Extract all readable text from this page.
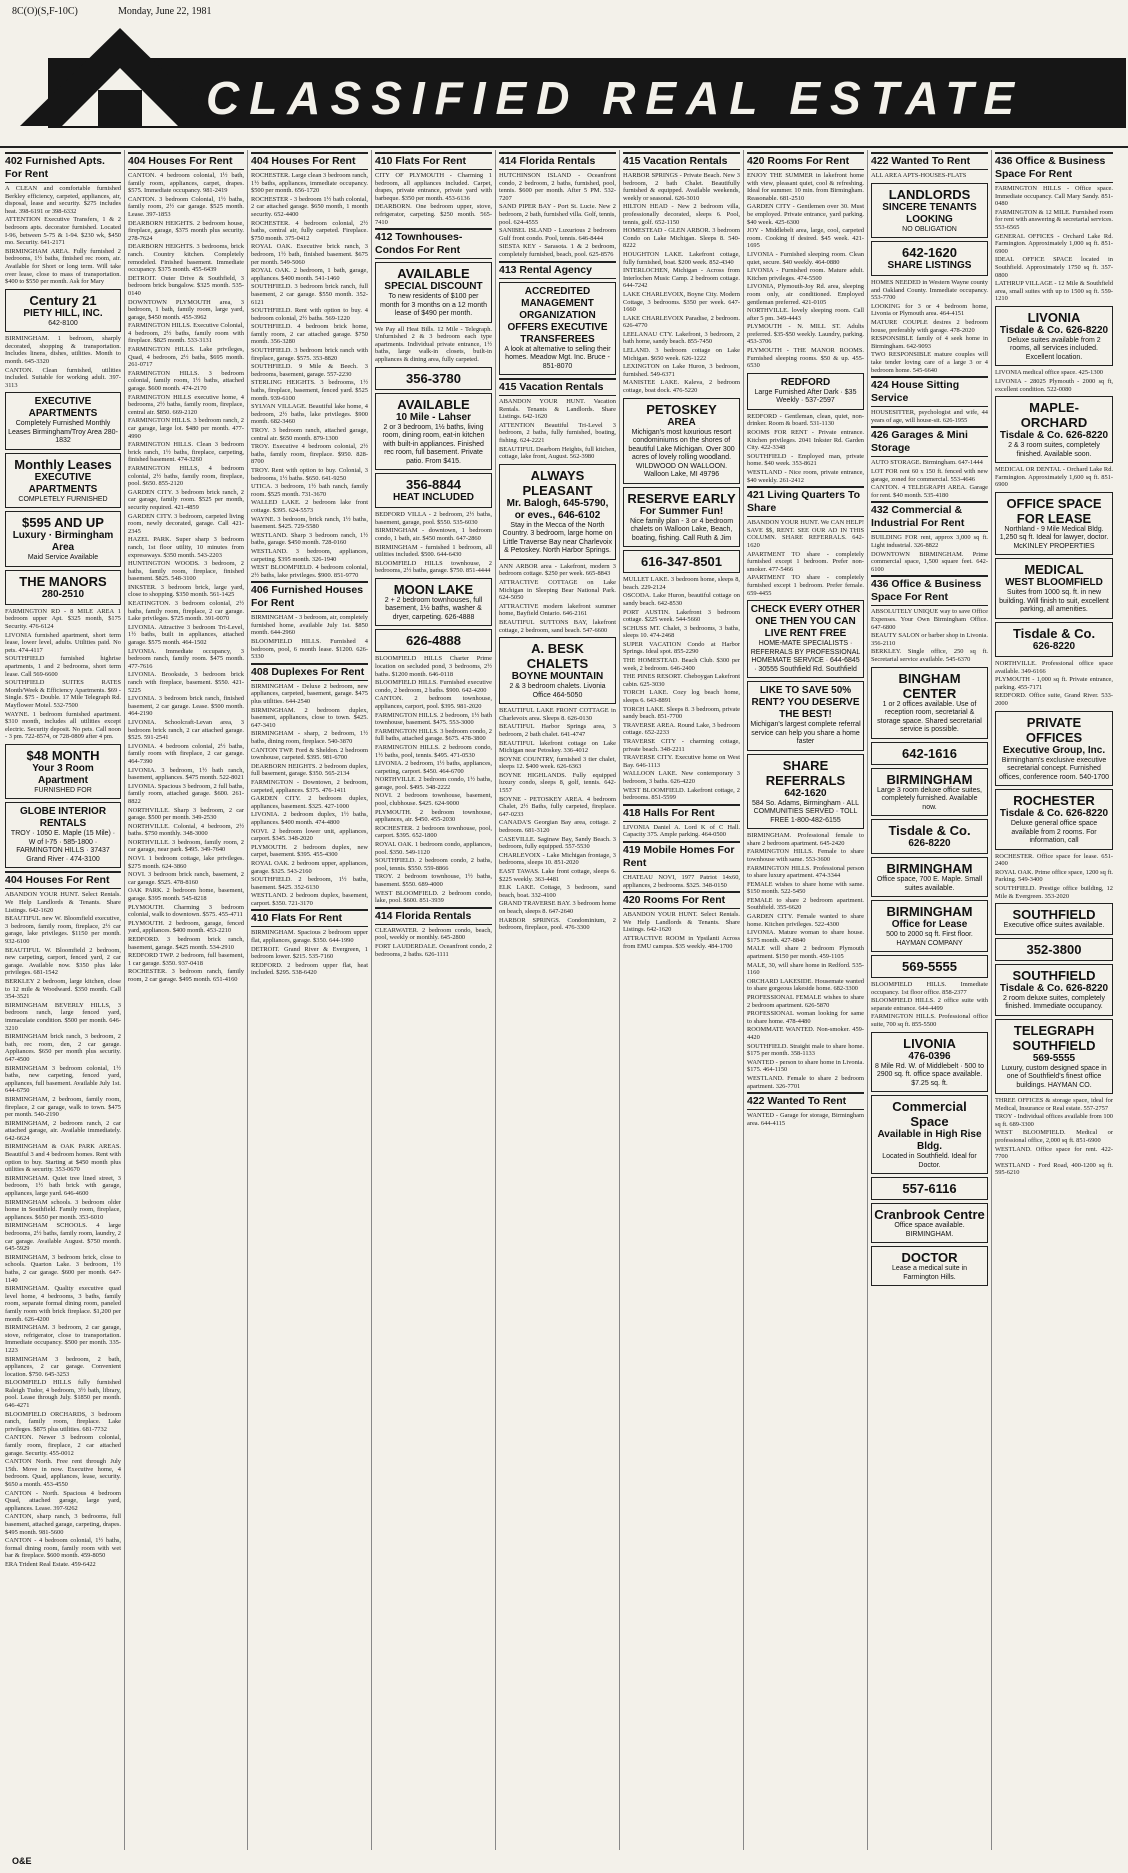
8C(O)(S,F-10C)	Monday, June 22, 1981
CLASSIFIED REAL ESTATE
402 Furnished Apts. For Rent
A CLEAN and comfortable furnished Berkley efficiency, carpeted, appliances, air, disposal, lease and security. $275 includes heat. 398-6191 or 398-6332
ATTENTION Executive Transfers, 1 & 2 bedroom apts. decorator furnished. Located I-96, between 5-75 & 1-94. $230 wk, $450 mo. Security. 641-2171
BIRMINGHAM AREA. Fully furnished 2 bedrooms, 1½ baths, finished rec room, air. Available for Short or long term. Will take over lease, close to mass of transportation. $400 to $550 per month. Ask for Mary
Century 21
PIETY HILL, INC.
642-8100
BIRMINGHAM. 1 bedroom, sharply decorated, shopping & transportation. Includes linens, dishes, utilities. Month to month. 645-3320
CANTON. Clean furnished, utilities included. Suitable for working adult. 397-3113
EXECUTIVE APARTMENTS
Completely Furnished Monthly Leases Birmingham/Troy Area 280-1832
Monthly Leases
EXECUTIVE APARTMENTS
COMPLETELY FURNISHED
$595 AND UP
Luxury · Birmingham Area
Maid Service Available
THE MANORS
280-2510
FARMINGTON RD - 8 MILE AREA 1 bedroom upper Apt. $325 month, $175 Security. 476-6124
LIVONIA furnished apartment, short term lease, lower level, adults. Utilities paid. No pets. 474-4117
SOUTHFIELD furnished highrise apartments, 1 and 2 bedrooms, short term lease. Call 569-6600
SOUTHFIELD SUITES RATES Month/Week & Efficiency Apartments. $69 - Single. $75 - Double. 17 Mile Telegraph Rd. Mayflower Motel. 532-7500
WAYNE. 1 bedroom furnished apartment. $310 month, includes all utilities except electric. Security deposit. No pets. Call noon - 3 pm. 722-8574, or 728-0809 after 4 pm.
$48 MONTH
Your 3 Room Apartment
FURNISHED FOR
GLOBE INTERIOR RENTALS
TROY · 1050 E. Maple (15 Mile) · W of I-75 · 585-1800 · FARMINGTON HILLS · 37437 Grand River · 474-3100
404 Houses For Rent
ABANDON YOUR HUNT. Select Rentals. We Help Landlords & Tenants. Share Listings. 642-1620
BEAUTIFUL new W. Bloomfield executive, 3 bedroom, family room, fireplace, 2½ car garage, lake privileges. $1150 per month. 932-6100
BEAUTIFUL W. Bloomfield 2 bedroom, new carpeting, carport, fenced yard, 2 car garage. Available now. $350 plus lake privileges. 681-1542
BERKLEY 2 bedroom, large kitchen, close to 12 mile & Woodward. $350 month. Call 354-3521
BIRMINGHAM BEVERLY HILLS, 3 bedroom ranch, large fenced yard, immaculate condition. $500 per month. 646-3210
BIRMINGHAM brick ranch, 3 bedroom, 2 bath, rec room, den, 2 car garage. Appliances. $650 per month plus security. 647-4500
BIRMINGHAM 3 bedroom colonial, 1½ baths, new carpeting, fenced yard, appliances, full basement. Available July 1st. 644-6750
BIRMINGHAM, 2 bedroom, family room, fireplace, 2 car garage, walk to town. $475 per month. 540-2190
BIRMINGHAM, 2 bedroom ranch, 2 car attached garage, air. Available immediately. 642-6624
BIRMINGHAM & OAK PARK AREAS. Beautiful 3 and 4 bedroom homes. Rent with option to buy. Starting at $450 month plus utilities & security. 353-0670
BIRMINGHAM. Quiet tree lined street, 3 bedroom, 1½ bath brick with garage, appliances, large yard. 646-4600
BIRMINGHAM schools. 3 bedroom older home in Southfield. Family room, fireplace, appliances. $650 per month. 353-6010
BIRMINGHAM SCHOOLS. 4 large bedrooms, 2½ baths, family room, laundry, 2 car garage. Available August. $750 month. 645-5929
BIRMINGHAM, 3 bedroom brick, close to schools. Quarton Lake. 3 bedroom, 1½ baths, 2 car garage. $600 per month. 647-1140
BIRMINGHAM. Quality executive quad level home, 4 bedrooms, 3 baths, family room, separate formal dining room, paneled family room with brick fireplace. $1,200 per month. 626-4200
BIRMINGHAM. 3 bedroom, 2 car garage, stove, refrigerator, close to transportation. Immediate occupancy. $500 per month. 335-1223
BIRMINGHAM 3 bedroom, 2 bath, appliances, 2 car garage. Convenient location. $750. 645-3253
BLOOMFIELD HILLS fully furnished Raleigh Tudor, 4 bedroom, 3½ bath, library, pool. Lease through July. $1850 per month. 646-4271
BLOOMFIELD ORCHARDS, 3 bedroom ranch, family room, fireplace. Lake privileges. $875 plus utilities. 681-7732
CANTON. Newer 3 bedroom colonial, family room, fireplace, 2 car attached garage. Security. 455-0012
CANTON North. Free rent through July 15th. Move in now. Executive home, 4 bedroom. Quad, appliances, lease, security. $650 a month. 453-4550
CANTON - North. Spacious 4 bedroom Quad, attached garage, large yard, appliances. Lease. 397-9262
CANTON, sharp ranch, 3 bedrooms, full basement, attached garage, carpeting, drapes. $495 month. 981-5600
CANTON - 4 bedroom colonial, 1½ baths, formal dining room, family room with wet bar & fireplace. $600 month. 459-8050
ERA Trident Real Estate. 459-6422
404 Houses For Rent
CANTON. 4 bedroom colonial, 1½ bath, family room, appliances, carpet, drapes. $575. Immediate occupancy. 981-2419
CANTON. 3 bedroom Colonial, 1½ baths, family room, 2½ car garage. $525 month. Lease. 397-1853
DEARBORN HEIGHTS. 2 bedroom house, fireplace, garage, $375 month plus security. 278-7624
DEARBORN HEIGHTS. 3 bedrooms, brick ranch. Country kitchen. Completely remodeled. Finished basement. Immediate occupancy. $375 month. 455-6439
DETROIT. Outer Drive & Southfield, 3 bedroom brick bungalow. $325 month. 535-0140
DOWNTOWN PLYMOUTH area, 3 bedroom, 1 bath, family room, large yard, garage, $450 month. 455-3962
FARMINGTON HILLS. Executive Colonial, 4 bedroom, 2½ baths, family room with fireplace. $825 month. 533-3131
FARMINGTON HILLS. Lake privileges, Quad, 4 bedroom, 2½ baths, $695 month. 261-0717
FARMINGTON HILLS. 3 bedroom colonial, family room, 1½ baths, attached garage. $600 month. 474-2170
FARMINGTON HILLS executive home, 4 bedrooms, 2½ baths, family room, fireplace, central air. $850. 669-2120
FARMINGTON HILLS. 3 bedroom ranch, 2 car garage, large lot. $480 per month. 477-4990
FARMINGTON HILLS. Clean 3 bedroom brick ranch, 1½ baths, fireplace, carpeting, finished basement. 474-3260
FARMINGTON HILLS, 4 bedroom colonial, 2½ baths, family room, fireplace, pool. $650. 855-2120
GARDEN CITY. 3 bedroom brick ranch, 2 car garage, family room. $525 per month, security required. 421-4859
GARDEN CITY. 3 bedroom, carpeted living room, newly decorated, garage. Call 421-2345
HAZEL PARK. Super sharp 3 bedroom ranch, 1st floor utility, 10 minutes from expressways. $350 month. 543-2203
HUNTINGTON WOODS. 3 bedroom, 2 baths, family room, fireplace, finished basement. $825. 548-3100
INKSTER. 3 bedroom brick, large yard, close to shopping. $350 month. 561-1425
KEATINGTON. 3 bedroom colonial, 2½ baths, family room, fireplace, 2 car garage. Lake privileges. $725 month. 391-0070
LIVONIA. Attractive 3 bedroom Tri-Level, 1½ baths, built in appliances, attached garage. $575 month. 464-1502
LIVONIA. Immediate occupancy, 3 bedroom ranch, family room. $475 month. 477-7616
LIVONIA. Brookside, 3 bedroom brick ranch with fireplace, basement. $550. 421-5225
LIVONIA. 3 bedroom brick ranch, finished basement, 2 car garage. Lease. $500 month. 464-2190
LIVONIA. Schoolcraft-Levan area, 3 bedroom brick ranch, 2 car attached garage. $525. 591-2541
LIVONIA. 4 bedroom colonial, 2½ baths, family room with fireplace, 2 car garage. 464-7390
LIVONIA. 3 bedroom, 1½ bath ranch, basement, appliances. $475 month. 522-8021
LIVONIA. Spacious 3 bedroom, 2 full baths, family room, attached garage. $600. 261-8822
NORTHVILLE. Sharp 3 bedroom, 2 car garage. $500 per month. 349-2530
NORTHVILLE. Colonial, 4 bedroom, 2½ baths. $750 monthly. 348-3000
NORTHVILLE. 3 bedroom, family room, 2 car garage, near park. $495. 349-7640
NOVI. 1 bedroom cottage, lake privileges. $275 month. 624-3860
NOVI. 3 bedroom brick ranch, basement, 2 car garage. $525. 478-8160
OAK PARK. 2 bedroom home, basement, garage. $395 month. 545-8218
PLYMOUTH. Charming 3 bedroom colonial, walk to downtown. $575. 455-4711
PLYMOUTH. 2 bedroom, garage, fenced yard, appliances. $400 month. 453-2210
REDFORD. 3 bedroom brick ranch, basement, garage. $425 month. 534-2910
REDFORD TWP. 2 bedroom, full basement, 1 car garage. $350. 937-0418
ROCHESTER. 3 bedroom ranch, family room, 2 car garage. $495 month. 651-4160
404 Houses For Rent
ROCHESTER. Large clean 3 bedroom ranch, 1½ baths, appliances, immediate occupancy. $500 per month. 656-1720
ROCHESTER - 3 bedroom 1½ bath colonial, 2 car attached garage. $650 month, 1 month security. 652-4400
ROCHESTER. 4 bedroom colonial, 2½ baths, central air, fully carpeted. Fireplace. $750 month. 375-0412
ROYAL OAK. Executive brick ranch, 3 bedroom, 1½ bath, finished basement. $675 per month. 549-5060
ROYAL OAK. 2 bedroom, 1 bath, garage, appliances. $400 month. 541-1460
SOUTHFIELD. 3 bedroom brick ranch, full basement, 2 car garage. $550 month. 352-6121
SOUTHFIELD. Rent with option to buy. 4 bedroom colonial, 2½ baths. 569-1220
SOUTHFIELD. 4 bedroom brick home, family room, 2 car attached garage. $750 month. 356-3280
SOUTHFIELD. 3 bedroom brick ranch with fireplace, garage. $575. 353-8820
SOUTHFIELD. 9 Mile & Beech. 3 bedrooms, basement, garage. 557-2230
STERLING HEIGHTS. 3 bedrooms, 1½ baths, fireplace, basement, fenced yard. $525 month. 939-6100
SYLVAN VILLAGE. Beautiful lake home, 4 bedroom, 2½ baths, lake privileges. $900 month. 682-3460
TROY. 3 bedroom ranch, attached garage, central air. $650 month. 879-1300
TROY. Executive 4 bedroom colonial, 2½ baths, family room, fireplace. $950. 828-8700
TROY. Rent with option to buy. Colonial, 3 bedrooms, 1½ baths. $650. 641-9250
UTICA. 3 bedroom, 1½ bath ranch, family room. $525 month. 731-3670
WALLED LAKE. 2 bedroom lake front cottage. $395. 624-5573
WAYNE. 3 bedroom, brick ranch, 1½ baths, basement. $425. 729-5580
WESTLAND. Sharp 3 bedroom ranch, 1½ baths, garage. $450 month. 728-0160
WESTLAND. 3 bedroom, appliances, carpeting. $395 month. 326-1940
WEST BLOOMFIELD. 4 bedroom colonial, 2½ baths, lake privileges. $900. 851-9770
406 Furnished Houses For Rent
BIRMINGHAM - 3 bedroom, air, completely furnished home, available July 1st. $850 month. 644-2960
BLOOMFIELD HILLS. Furnished 4 bedroom, pool, 6 month lease. $1200. 626-5330
408 Duplexes For Rent
BIRMINGHAM - Deluxe 2 bedroom, new appliances, carpeted, basement, garage. $475 plus utilities. 644-2540
BIRMINGHAM. 2 bedroom duplex, basement, appliances, close to town. $425. 647-3410
BIRMINGHAM - sharp, 2 bedroom, 1½ baths, dining room, fireplace. 540-3870
CANTON TWP. Ford & Sheldon. 2 bedroom townhouse, carpeted. $395. 981-6700
DEARBORN HEIGHTS. 2 bedroom duplex, full basement, garage. $350. 565-2134
FARMINGTON - Downtown, 2 bedroom, carpeted, appliances. $375. 476-1411
GARDEN CITY. 2 bedroom duplex, appliances, basement. $325. 427-1000
LIVONIA. 2 bedroom duplex, 1½ baths, appliances. $400 month. 474-4800
NOVI. 2 bedroom lower unit, appliances, carport. $345. 348-2020
PLYMOUTH. 2 bedroom duplex, new carpet, basement. $395. 455-4300
ROYAL OAK. 2 bedroom upper, appliances, garage. $325. 543-2160
SOUTHFIELD. 2 bedroom, 1½ baths, basement. $425. 352-6130
WESTLAND. 2 bedroom duplex, basement, carport. $350. 721-3170
410 Flats For Rent
BIRMINGHAM. Spacious 2 bedroom upper flat, appliances, garage. $350. 644-1990
DETROIT. Grand River & Evergreen, 1 bedroom lower. $215. 535-7160
REDFORD. 2 bedroom upper flat, heat included. $295. 538-6420
410 Flats For Rent
CITY OF PLYMOUTH - Charming 1 bedroom, all appliances included. Carpet, drapes, private entrance, private yard with barbeque. $350 per month. 453-6136
DEARBORN. One bedroom upper, stove, refrigerator, carpeting. $250 month. 565-7410
412 Townhouses-Condos For Rent
AVAILABLE
SPECIAL DISCOUNT
To new residents of $100 per month for 3 months on a 12 month lease of $490 per month.
We Pay all Heat Bills. 12 Mile - Telegraph. Unfurnished 2 & 3 bedroom each type apartments. Individual private entrance, 1½ baths, large walk-in closets, built-in appliances & dining area, fully carpeted.
356-3780
AVAILABLE
10 Mile - Lahser
2 or 3 bedroom, 1½ baths, living room, dining room, eat-in kitchen with built-in appliances. Finished rec room, full basement. Private patio. From $415.
356-8844
HEAT INCLUDED
BEDFORD VILLA - 2 bedroom, 2½ baths, basement, garage, pool. $550. 535-6030
BIRMINGHAM - downtown, 1 bedroom condo, 1 bath, air. $450 month. 647-2860
BIRMINGHAM - furnished 1 bedroom, all utilities included. $500. 644-6430
BLOOMFIELD HILLS townhouse, 2 bedrooms, 2½ baths, garage. $750. 851-4444
MOON LAKE
2 + 2 bedroom townhouses, full basement, 1½ baths, washer & dryer, carpeting. 626-4888
626-4888
BLOOMFIELD HILLS Charter Prime location on secluded pond, 3 bedrooms, 2½ baths. $1200 month. 646-0118
BLOOMFIELD HILLS. Furnished executive condo, 2 bedroom, 2 baths. $900. 642-4200
CANTON. 2 bedroom townhouse, appliances, carport, pool. $395. 981-2020
FARMINGTON HILLS. 2 bedroom, 1½ bath townhouse, basement. $475. 553-3000
FARMINGTON HILLS. 3 bedroom condo, 2 full baths, attached garage. $675. 478-3800
FARMINGTON HILLS. 2 bedroom condo, 1½ baths, pool, tennis. $495. 471-0530
LIVONIA. 2 bedroom, 1½ baths, appliances, carpeting, carport. $450. 464-6700
NORTHVILLE. 2 bedroom condo, 1½ baths, garage, pool. $495. 348-2222
NOVI. 2 bedroom townhouse, basement, pool, clubhouse. $425. 624-9000
PLYMOUTH. 2 bedroom townhouse, appliances, air. $450. 455-2030
ROCHESTER. 2 bedroom townhouse, pool, carport. $395. 652-1800
ROYAL OAK. 1 bedroom condo, appliances, pool. $350. 549-1120
SOUTHFIELD. 2 bedroom condo, 2 baths, pool, tennis. $550. 559-8866
TROY. 2 bedroom townhouse, 1½ baths, basement. $550. 689-4000
WEST BLOOMFIELD. 2 bedroom condo, lake, pool. $600. 851-3939
414 Florida Rentals
CLEARWATER. 2 bedroom condo, beach, pool, weekly or monthly. 645-2800
FORT LAUDERDALE. Oceanfront condo, 2 bedrooms, 2 baths. 626-1111
414 Florida Rentals
HUTCHINSON ISLAND - Oceanfront condo, 2 bedroom, 2 baths, furnished, pool, tennis. $600 per month. After 5 PM. 532-7207
SAND PIPER BAY - Port St. Lucie. New 2 bedroom, 2 bath, furnished villa. Golf, tennis, pool. 624-4555
SANIBEL ISLAND - Luxurious 2 bedroom Gulf front condo. Pool, tennis. 646-8444
SIESTA KEY - Sarasota. 1 & 2 bedroom, completely furnished, beach, pool. 625-8576
413 Rental Agency
ACCREDITED MANAGEMENT ORGANIZATION OFFERS EXECUTIVE TRANSFEREES
A look at alternative to selling their homes. Meadow Mgt. Inc. Bruce - 851-8070
415 Vacation Rentals
ABANDON YOUR HUNT. Vacation Rentals. Tenants & Landlords. Share Listings. 642-1620
ATTENTION Beautiful Tri-Level 3 bedroom, 2 baths, fully furnished, boating, fishing. 624-2221
BEAUTIFUL Dearborn Heights, full kitchen, cottage, lake front, August. 562-3980
ALWAYS PLEASANT
Mr. Balogh, 645-5790, or eves., 646-6102
Stay in the Mecca of the North Country. 3 bedroom, large home on Little Traverse Bay near Charlevoix & Petoskey. North Harbor Springs.
ANN ARBOR area - Lakefront, modern 3 bedroom cottage. $250 per week. 665-8843
ATTRACTIVE COTTAGE on Lake Michigan in Sleeping Bear National Park. 624-5050
ATTRACTIVE modern lakefront summer home, Bayfield Ontario. 646-2161
BEAUTIFUL SUTTONS BAY, lakefront cottage, 2 bedroom, sand beach. 547-6600
A. BESK CHALETS
BOYNE MOUNTAIN
2 & 3 bedroom chalets. Livonia Office 464-5050
BEAUTIFUL LAKE FRONT COTTAGE in Charlevoix area. Sleeps 8. 626-0130
BEAUTIFUL Harbor Springs area, 3 bedroom, 2 bath chalet. 641-4747
BEAUTIFUL lakefront cottage on Lake Michigan near Petoskey. 336-4012
BOYNE COUNTRY, furnished 3 tier chalet, sleeps 12. $400 week. 626-6363
BOYNE HIGHLANDS. Fully equipped luxury condo, sleeps 8, golf, tennis. 642-1557
BOYNE - PETOSKEY AREA. 4 bedroom Chalet, 2½ Baths, fully carpeted, fireplace. 647-0233
CANADA'S Georgian Bay area, cottage. 2 bedroom. 681-3120
CASEVILLE. Saginaw Bay, Sandy Beach. 3 bedroom, fully equipped. 557-5530
CHARLEVOIX - Lake Michigan frontage, 3 bedrooms, sleeps 10. 851-2020
EAST TAWAS. Lake front cottage, sleeps 6. $225 weekly. 363-4481
ELK LAKE. Cottage, 3 bedroom, sand beach, boat. 332-4100
GRAND TRAVERSE BAY. 3 bedroom home on beach, sleeps 8. 647-2640
HARBOR SPRINGS. Condominium, 2 bedroom, fireplace, pool. 476-3300
415 Vacation Rentals
HARBOR SPRINGS - Private Beach. New 3 bedroom, 2 bath Chalet. Beautifully furnished & equipped. Available weekends, weekly or seasonal. 626-3010
HILTON HEAD - New 2 bedroom villa, professionally decorated, sleeps 6. Pool, tennis, golf. 652-1150
HOMESTEAD - GLEN ARBOR. 3 bedroom Condo on Lake Michigan. Sleeps 8. 540-8222
HOUGHTON LAKE. Lakefront cottage, fully furnished, boat. $200 week. 852-4340
INTERLOCHEN, Michigan - Across from Interlochen Music Camp. 2 bedroom cottage. 644-7242
LAKE CHARLEVOIX, Boyne City. Modern Cottage, 3 bedrooms. $350 per week. 647-1660
LAKE CHARLEVOIX Paradise, 2 bedroom. 626-4770
LEELANAU CTY. Lakefront, 3 bedroom, 2 bath home, sandy beach. 855-7450
LELAND. 3 bedroom cottage on Lake Michigan. $650 week. 626-1222
LEXINGTON on Lake Huron, 3 bedroom, furnished. 549-6371
MANISTEE LAKE. Kaleva, 2 bedroom cottage, boat dock. 476-5220
PETOSKEY
AREA
Michigan's most luxurious resort condominiums on the shores of beautiful Lake Michigan. Over 300 acres of lovely rolling woodland. WILDWOOD ON WALLOON. Walloon Lake, MI 49796
RESERVE EARLY
For Summer Fun!
Nice family plan - 3 or 4 bedroom chalets on Walloon Lake, Beach, boating, fishing. Call Ruth & Jim
616-347-8501
MULLET LAKE. 3 bedroom home, sleeps 8, beach. 229-2124
OSCODA. Lake Huron, beautiful cottage on sandy beach. 642-8530
PORT AUSTIN. Lakefront 3 bedroom cottage. $225 week. 544-5660
SCHUSS MT. Chalet, 3 bedrooms, 3 baths, sleeps 10. 474-2468
SUPER VACATION Condo at Harbor Springs. Ideal spot. 855-2290
THE HOMESTEAD. Beach Club. $300 per week, 2 bedroom. 646-2400
THE PINES RESORT. Cheboygan Lakefront cabin. 625-3030
TORCH LAKE. Cozy log beach home, sleeps 6. 643-8891
TORCH LAKE. Sleeps 8. 3 bedroom, private sandy beach. 851-7700
TRAVERSE AREA. Round Lake, 3 bedroom cottage. 652-2233
TRAVERSE CITY - charming cottage, private beach. 348-2211
TRAVERSE CITY. Executive home on West Bay. 646-1113
WALLOON LAKE. New contemporary 3 bedroom, 3 baths. 626-4220
WEST BLOOMFIELD. Lakefront cottage, 2 bedrooms. 851-5599
418 Halls For Rent
LIVONIA Daniel A. Lord K of C Hall. Capacity 375. Ample parking. 464-0500
419 Mobile Homes For Rent
CHATEAU NOVI, 1977 Patriot 14x60, appliances, 2 bedrooms. $325. 348-0150
420 Rooms For Rent
ABANDON YOUR HUNT. Select Rentals. We Help Landlords & Tenants. Share Listings. 642-1620
ATTRACTIVE ROOM in Ypsilanti Across from EMU campus. $35 weekly. 484-1700
420 Rooms For Rent
ENJOY THE SUMMER in lakefront home with view, pleasant quiet, cool & refreshing. Ideal for summer. 10 min. from Birmingham. Reasonable. 681-2510
GARDEN CITY - Gentlemen over 30. Must be employed. Private entrance, yard parking. $40 week. 425-6300
JOY - Middlebelt area, large, cool, carpeted room. Cooking if desired. $45 week. 421-1695
LIVONIA - Furnished sleeping room. Clean quiet, secure. $40 weekly. 464-0880
LIVONIA - Furnished room. Mature adult. Kitchen privileges. 474-5500
LIVONIA, Plymouth-Joy Rd. area, sleeping room only, air conditioned. Employed gentleman preferred. 421-0105
NORTHVILLE. lovely sleeping room. Call after 5 pm. 349-4443
PLYMOUTH - N. MILL ST. Adults preferred. $35-$50 weekly. Laundry, parking. 453-3706
PLYMOUTH - THE MANOR ROOMS. Furnished sleeping rooms. $50 & up. 455-6530
REDFORD
Large Furnished After Dark · $35 Weekly · 537-2597
REDFORD - Gentleman, clean, quiet, non-drinker. Room & board. 531-1130
ROOMS FOR RENT - Private entrance. Kitchen privileges. 2041 Inkster Rd. Garden City. 422-3348
SOUTHFIELD - Employed man, private home. $40 week. 353-8621
WESTLAND - Nice room, private entrance, $40 weekly. 261-2412
421 Living Quarters To Share
ABANDON YOUR HUNT. We CAN HELP! SAVE $$, RENT. SEE OUR AD IN THIS COLUMN. SHARE REFERRALS. 642-1620
APARTMENT TO share - completely furnished except 1 bedroom. Prefer non-smoker. 477-5466
APARTMENT TO share - completely furnished except 1 bedroom. Prefer female. 659-4455
CHECK EVERY OTHER ONE THEN YOU CAN LIVE RENT FREE
HOME-MATE SPECIALISTS · REFERRALS BY PROFESSIONAL HOMEMATE SERVICE · 644-6845 · 30555 Southfield Rd. Southfield
LIKE TO SAVE 50% RENT? YOU DESERVE THE BEST!
Michigan's largest complete referral service can help you share a home faster
SHARE REFERRALS
642-1620
584 So. Adams, Birmingham · ALL COMMUNITIES SERVED · TOLL FREE 1-800-482-6155
BIRMINGHAM. Professional female to share 2 bedroom apartment. 645-2420
FARMINGTON HILLS. Female to share townhouse with same. 553-3600
FARMINGTON HILLS. Professional person to share luxury apartment. 474-3344
FEMALE wishes to share home with same. $150 month. 522-5450
FEMALE to share 2 bedroom apartment. Southfield. 355-6620
GARDEN CITY. Female wanted to share home. Kitchen privileges. 522-4300
LIVONIA. Mature woman to share house. $175 month. 427-8840
MALE will share 2 bedroom Plymouth apartment. $150 per month. 459-1105
MALE, 30, will share home in Redford. 535-1160
ORCHARD LAKESIDE. Housemate wanted to share gorgeous lakeside home. 682-3300
PROFESSIONAL FEMALE wishes to share 2 bedroom apartment. 626-5870
PROFESSIONAL woman looking for same to share home. 478-4480
ROOMMATE WANTED. Non-smoker. 459-4420
SOUTHFIELD. Straight male to share home. $175 per month. 358-1133
WANTED - person to share home in Livonia. $175. 464-1150
WESTLAND. Female to share 2 bedroom apartment. 326-7701
422 Wanted To Rent
WANTED - Garage for storage, Birmingham area. 644-4115
422 Wanted To Rent
ALL AREA APTS-HOUSES-FLATS
LANDLORDS
SINCERE TENANTS LOOKING
NO OBLIGATION
642-1620
SHARE LISTINGS
HOMES NEEDED in Western Wayne county and Oakland County. Immediate occupancy. 553-7700
LOOKING for 3 or 4 bedroom home, Livonia or Plymouth area. 464-4151
MATURE COUPLE desires 2 bedroom house, preferably with garage. 478-2020
RESPONSIBLE family of 4 seek home in Birmingham. 642-9093
TWO RESPONSIBLE mature couples will take tender loving care of a large 3 or 4 bedroom home. 545-6640
424 House Sitting Service
HOUSESITTER, psychologist and wife, 44 years of age, will house-sit. 626-1955
426 Garages & Mini Storage
AUTO STORAGE. Birmingham. 647-1444
LOT FOR rent 60 x 150 ft. fenced with new garage, zoned for commercial. 553-4646
CANTON. 4 TELEGRAPH AREA. Garage for rent. $40 month. 535-4180
432 Commercial & Industrial For Rent
BUILDING FOR rent, approx 3,000 sq ft. Light industrial. 326-8822
DOWNTOWN BIRMINGHAM. Prime commercial space, 1,500 square feet. 642-6100
436 Office & Business Space For Rent
ABSOLUTELY UNIQUE way to save Office Expenses. Your Own Birmingham Office. 647-6800
BEAUTY SALON or barber shop in Livonia. 356-2110
BERKLEY. Single office, 250 sq ft. Secretarial service available. 545-6370
BINGHAM CENTER
1 or 2 offices available. Use of reception room, secretarial & storage space. Shared secretarial service is possible.
642-1616
BIRMINGHAM
Large 3 room deluxe office suites, completely furnished. Available now.
Tisdale & Co.
626-8220
BIRMINGHAM
Office space, 700 E. Maple. Small suites available.
BIRMINGHAM
Office for Lease
500 to 2000 sq ft. First floor. HAYMAN COMPANY
569-5555
BLOOMFIELD HILLS. Immediate occupancy. 1st floor office. 858-2377
BLOOMFIELD HILLS. 2 office suite with separate entrance. 644-4499
FARMINGTON HILLS. Professional office suite, 700 sq ft. 855-5500
LIVONIA
476-0396
8 Mile Rd. W. of Middlebelt · 500 to 2900 sq. ft. office space available. $7.25 sq. ft.
Commercial Space
Available in High Rise Bldg.
Located in Southfield. Ideal for Doctor.
557-6116
Cranbrook Centre
Office space available. BIRMINGHAM.
DOCTOR
Lease a medical suite in Farmington Hills.
436 Office & Business Space For Rent
FARMINGTON HILLS - Office space. Immediate occupancy. Call Mary Sandy. 851-0480
FARMINGTON & 12 MILE. Furnished room for rent with answering & secretarial services. 553-6565
GENERAL OFFICES - Orchard Lake Rd. Farmington. Approximately 1,000 sq ft. 851-6900
IDEAL OFFICE SPACE located in Southfield. Approximately 1750 sq ft. 357-0800
LATHRUP VILLAGE - 12 Mile & Southfield area, small suites with up to 1500 sq ft. 559-1210
LIVONIA
Tisdale & Co. 626-8220
Deluxe suites available from 2 rooms, all services included. Excellent location.
LIVONIA medical office space. 425-1300
LIVONIA - 28025 Plymouth - 2000 sq ft, excellent condition. 522-0080
MAPLE-ORCHARD
Tisdale & Co. 626-8220
2 & 3 room suites, completely finished. Available soon.
MEDICAL OR DENTAL - Orchard Lake Rd. Farmington. Approximately 1,600 sq ft. 851-6900
OFFICE SPACE FOR LEASE
Northland - 9 Mile Medical Bldg. 1,250 sq ft. Ideal for lawyer, doctor. McKINLEY PROPERTIES
MEDICAL
WEST BLOOMFIELD
Suites from 1000 sq. ft. in new building. Will finish to suit, excellent parking, all amenities.
Tisdale & Co.
626-8220
NORTHVILLE. Professional office space available. 349-6166
PLYMOUTH - 1,000 sq ft. Private entrance, parking. 455-7171
REDFORD. Office suite, Grand River. 533-2000
PRIVATE OFFICES
Executive Group, Inc.
Birmingham's exclusive executive secretarial concept. Furnished offices, conference room. 540-1700
ROCHESTER
Tisdale & Co. 626-8220
Deluxe general office space available from 2 rooms. For information, call
ROCHESTER. Office space for lease. 651-2400
ROYAL OAK. Prime office space, 1200 sq ft. Parking. 549-3400
SOUTHFIELD. Prestige office building, 12 Mile & Evergreen. 353-2020
SOUTHFIELD
Executive office suites available.
352-3800
SOUTHFIELD
Tisdale & Co. 626-8220
2 room deluxe suites, completely finished. Immediate occupancy.
TELEGRAPH SOUTHFIELD
569-5555
Luxury, custom designed space in one of Southfield's finest office buildings. HAYMAN CO.
THREE OFFICES & storage space, ideal for Medical, Insurance or Real estate. 557-2757
TROY - Individual offices available from 100 sq ft. 689-3300
WEST BLOOMFIELD. Medical or professional office, 2,000 sq ft. 851-6900
WESTLAND. Office space for rent. 422-7700
WESTLAND - Ford Road, 400-1200 sq ft. 595-6210
O&E
